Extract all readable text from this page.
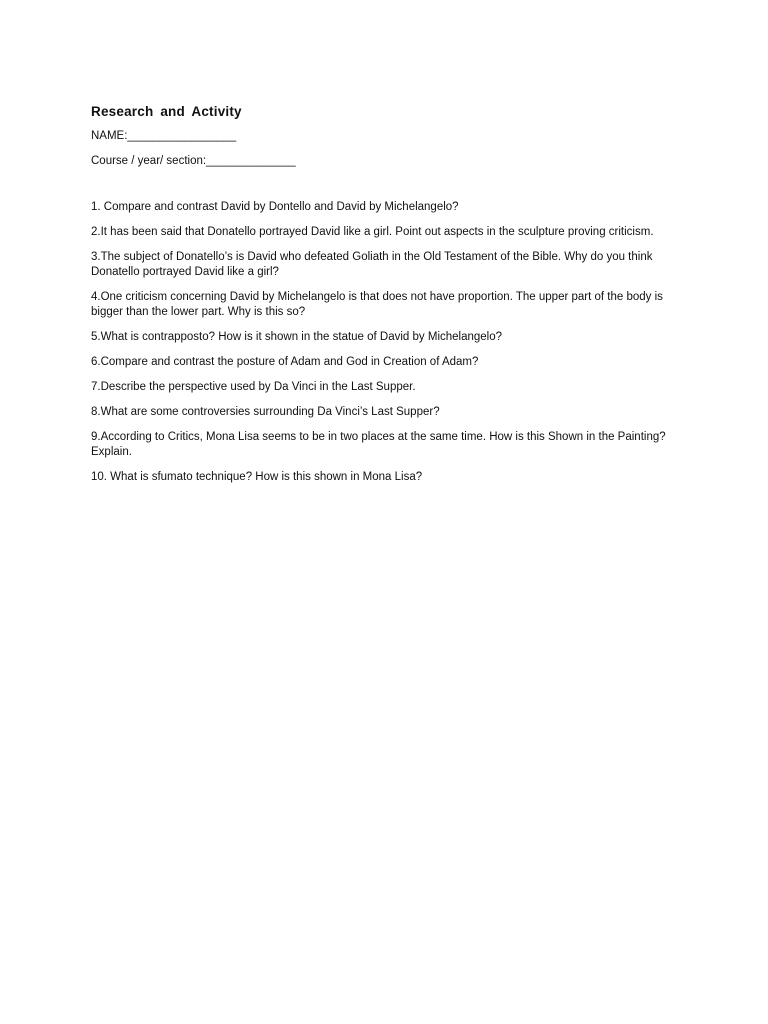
Research and Activity
NAME:_________________
Course / year/ section:______________
1. Compare and contrast David by Dontello and David by Michelangelo?
2.It has been said that Donatello portrayed David like a girl. Point out aspects in the sculpture proving criticism.
3.The subject of Donatello’s is David who defeated Goliath in the Old Testament of the Bible. Why do you think Donatello portrayed David like a girl?
4.One criticism concerning David by Michelangelo is that does not have proportion. The upper part of the body is bigger than the lower part. Why is this so?
5.What is contrapposto? How is it shown in the statue of David by Michelangelo?
6.Compare and contrast the posture of Adam and God in Creation of Adam?
7.Describe the perspective used by Da Vinci in the Last Supper.
8.What are some controversies surrounding Da Vinci’s Last Supper?
9.According to Critics, Mona Lisa seems to be in two places at the same time. How is this Shown in the Painting?Explain.
10. What is sfumato technique? How is this shown in Mona Lisa?
